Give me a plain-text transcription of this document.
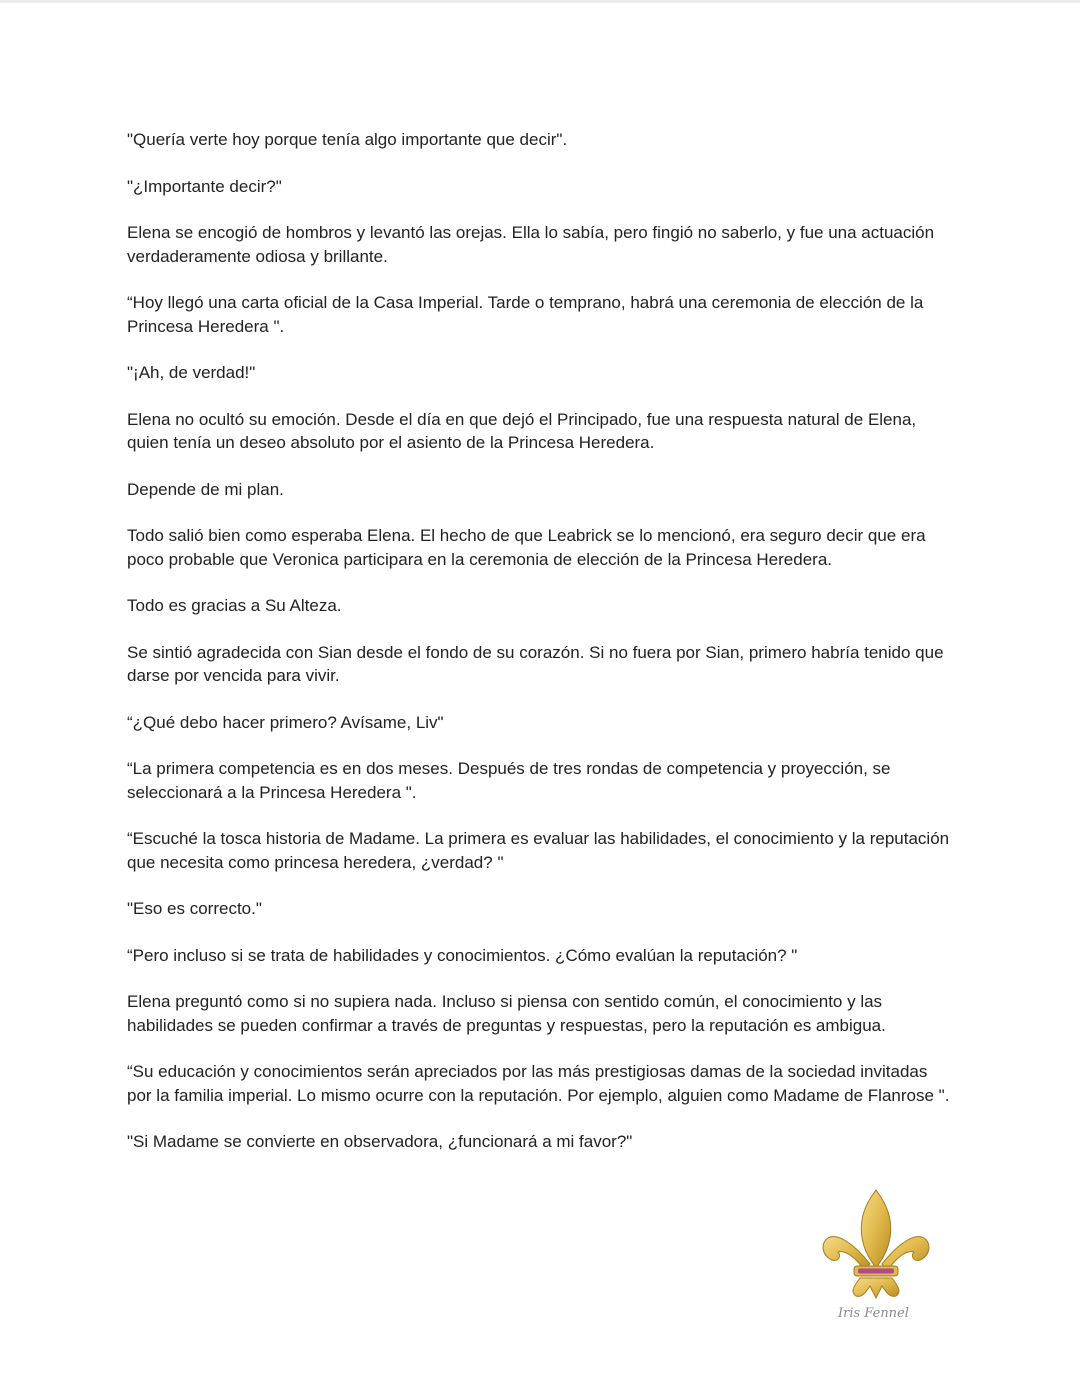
"Quería verte hoy porque tenía algo importante que decir".

"¿Importante decir?"

Elena se encogió de hombros y levantó las orejas. Ella lo sabía, pero fingió no saberlo, y fue una actuación verdaderamente odiosa y brillante.

“Hoy llegó una carta oficial de la Casa Imperial. Tarde o temprano, habrá una ceremonia de elección de la Princesa Heredera ".

"¡Ah, de verdad!"

Elena no ocultó su emoción. Desde el día en que dejó el Principado, fue una respuesta natural de Elena, quien tenía un deseo absoluto por el asiento de la Princesa Heredera.

Depende de mi plan.

Todo salió bien como esperaba Elena. El hecho de que Leabrick se lo mencionó, era seguro decir que era poco probable que Veronica participara en la ceremonia de elección de la Princesa Heredera.

Todo es gracias a Su Alteza.

Se sintió agradecida con Sian desde el fondo de su corazón. Si no fuera por Sian, primero habría tenido que darse por vencida para vivir.

“¿Qué debo hacer primero? Avísame, Liv"

“La primera competencia es en dos meses. Después de tres rondas de competencia y proyección, se seleccionará a la Princesa Heredera ".

“Escuché la tosca historia de Madame. La primera es evaluar las habilidades, el conocimiento y la reputación que necesita como princesa heredera, ¿verdad? "

"Eso es correcto."

“Pero incluso si se trata de habilidades y conocimientos. ¿Cómo evalúan la reputación? "

Elena preguntó como si no supiera nada. Incluso si piensa con sentido común, el conocimiento y las habilidades se pueden confirmar a través de preguntas y respuestas, pero la reputación es ambigua.

“Su educación y conocimientos serán apreciados por las más prestigiosas damas de la sociedad invitadas por la familia imperial. Lo mismo ocurre con la reputación. Por ejemplo, alguien como Madame de Flanrose ".

"Si Madame se convierte en observadora, ¿funcionará a mi favor?"

Iris Fennel
